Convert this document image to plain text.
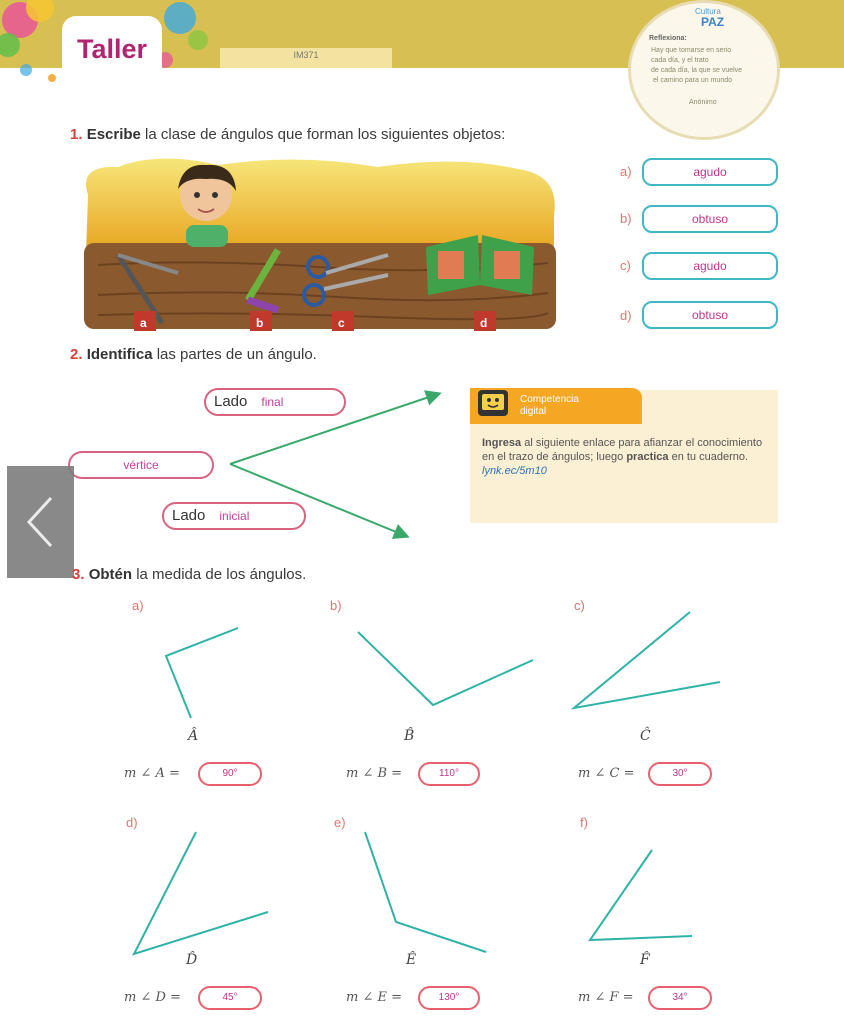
Taller	IM371
Cultura
PAZ
Reflexiona:
Hay que tomarse en serio
cada día, y el trato
de cada día, la que se vuelve
el camino para un mundo
Anónimo
1. Escribe la clase de ángulos que forman los siguientes objetos:
a	b	c	d
a)	agudo
b)	obtuso
c)	agudo
d)	obtuso
2. Identifica las partes de un ángulo.
Lado final
vértice
Lado inicial
Competencia
digital
Ingresa al siguiente enlace para afianzar el conocimiento en el trazo de ángulos; luego practica en tu cuaderno.
lynk.ec/5m10
3. Obtén la medida de los ángulos.
a)	b)	c)
d)	e)	f)
Â	B̂	Ĉ
D̂	Ê	F̂
m ∠ A =	90°	m ∠ B =	110°	m ∠ C =	30°
m ∠ D =	45°	m ∠ E =	130°	m ∠ F =	34°
